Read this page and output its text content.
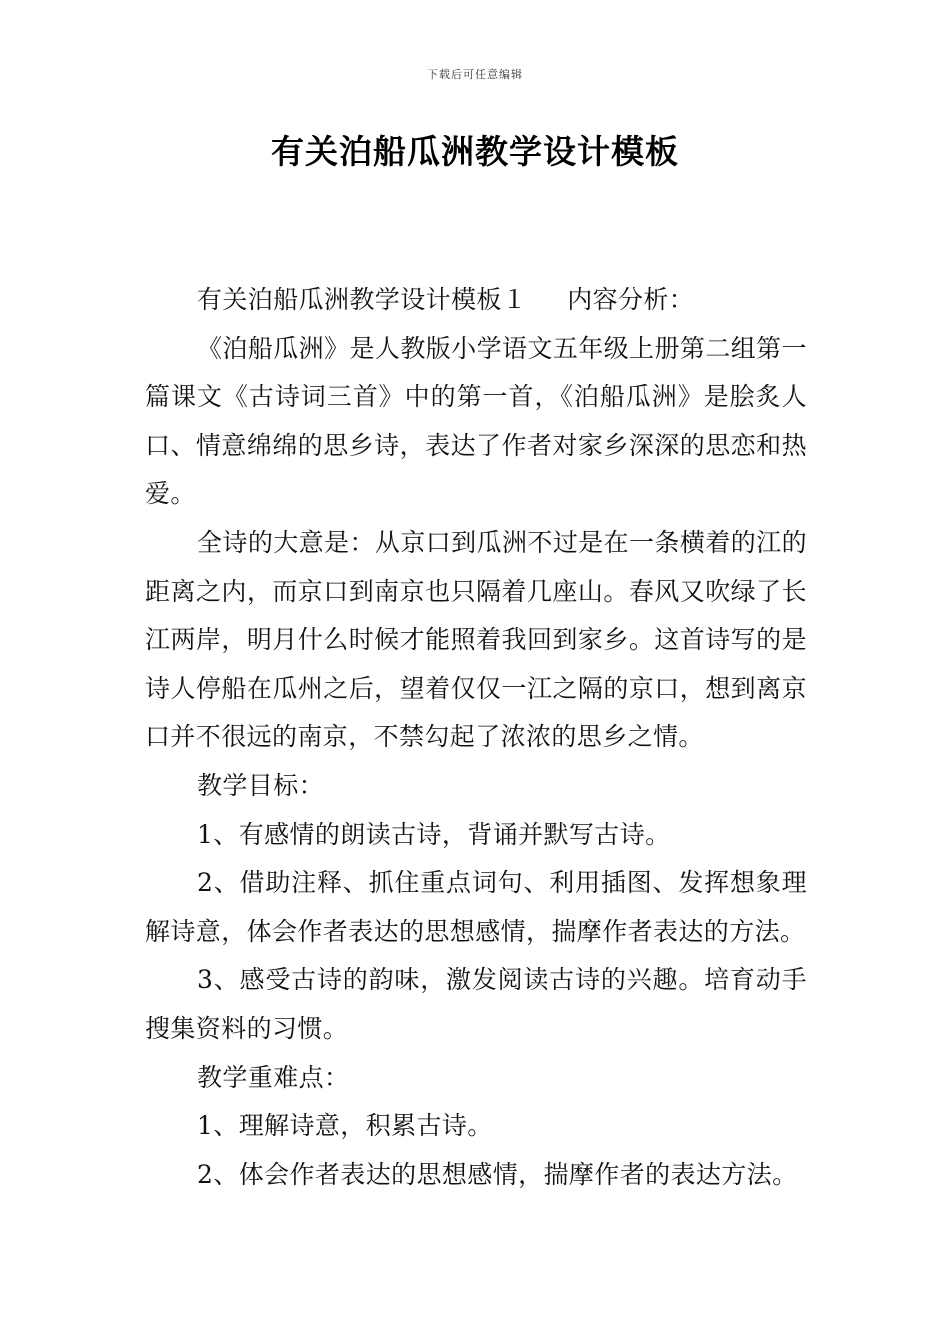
下载后可任意编辑
有关泊船瓜洲教学设计模板

有关泊船瓜洲教学设计模板１ 内容分析：

《泊船瓜洲》是人教版小学语文五年级上册第二组第一篇课文《古诗词三首》中的第一首，《泊船瓜洲》是脍炙人口、情意绵绵的思乡诗，表达了作者对家乡深深的思恋和热爱。

全诗的大意是：从京口到瓜洲不过是在一条横着的江的距离之内，而京口到南京也只隔着几座山。春风又吹绿了长江两岸，明月什么时候才能照着我回到家乡。这首诗写的是诗人停船在瓜州之后，望着仅仅一江之隔的京口，想到离京口并不很远的南京，不禁勾起了浓浓的思乡之情。

教学目标：

1、有感情的朗读古诗，背诵并默写古诗。

2、借助注释、抓住重点词句、利用插图、发挥想象理解诗意，体会作者表达的思想感情，揣摩作者表达的方法。

3、感受古诗的韵味，激发阅读古诗的兴趣。培育动手搜集资料的习惯。

教学重难点：

1、理解诗意，积累古诗。

2、体会作者表达的思想感情，揣摩作者的表达方法。
